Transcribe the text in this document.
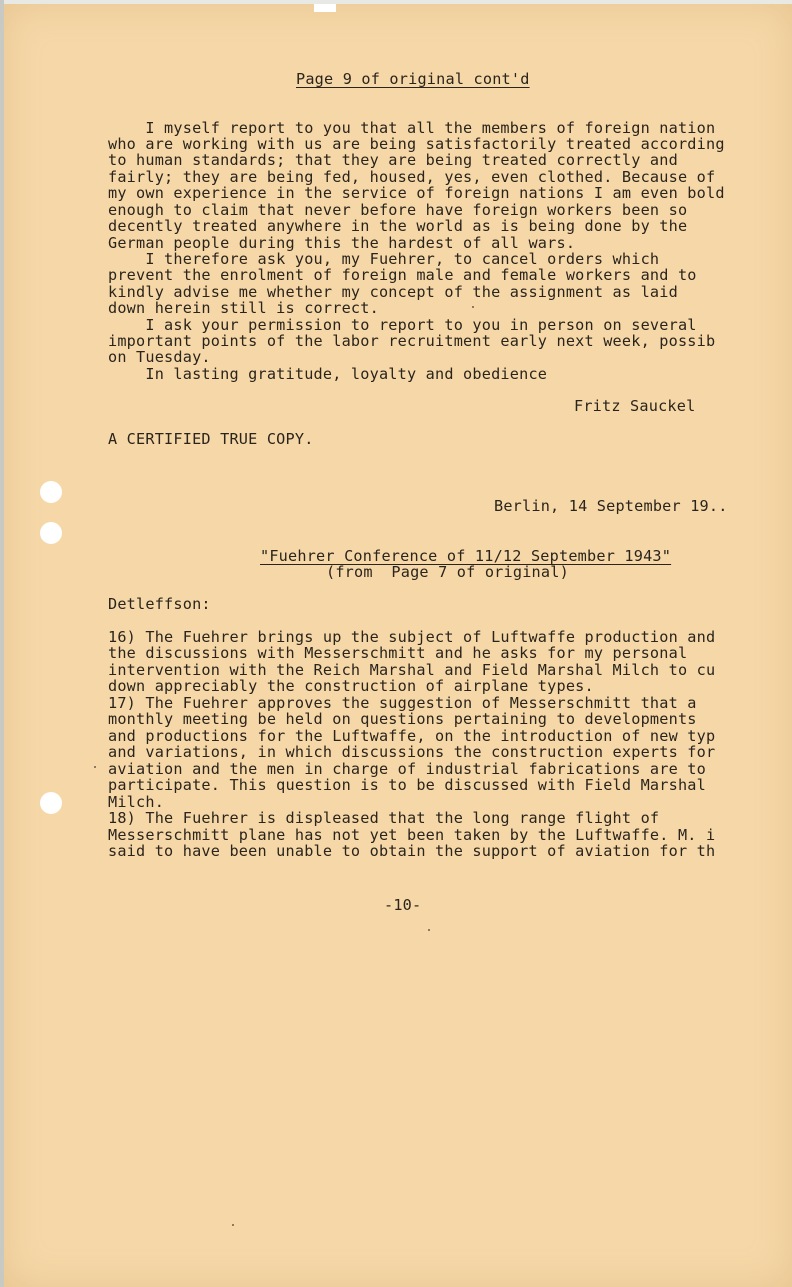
Page 9 of original cont'd
I myself report to you that all the members of foreign nation
who are working with us are being satisfactorily treated according
to human standards; that they are being treated correctly and
fairly; they are being fed, housed, yes, even clothed. Because of
my own experience in the service of foreign nations I am even bold
enough to claim that never before have foreign workers been so
decently treated anywhere in the world as is being done by the
German people during this the hardest of all wars.
I therefore ask you, my Fuehrer, to cancel orders which
prevent the enrolment of foreign male and female workers and to
kindly advise me whether my concept of the assignment as laid
down herein still is correct.
I ask your permission to report to you in person on several
important points of the labor recruitment early next week, possib
on Tuesday.
In lasting gratitude, loyalty and obedience
Fritz Sauckel
A CERTIFIED TRUE COPY.
Berlin, 14 September 19..
"Fuehrer Conference of 11/12 September 1943"
(from  Page 7 of original)
Detleffson:
16) The Fuehrer brings up the subject of Luftwaffe production and
the discussions with Messerschmitt and he asks for my personal
intervention with the Reich Marshal and Field Marshal Milch to cu
down appreciably the construction of airplane types.
17) The Fuehrer approves the suggestion of Messerschmitt that a
monthly meeting be held on questions pertaining to developments
and productions for the Luftwaffe, on the introduction of new typ
and variations, in which discussions the construction experts for
aviation and the men in charge of industrial fabrications are to
participate. This question is to be discussed with Field Marshal
Milch.
18) The Fuehrer is displeased that the long range flight of
Messerschmitt plane has not yet been taken by the Luftwaffe. M. i
said to have been unable to obtain the support of aviation for th
-10-
